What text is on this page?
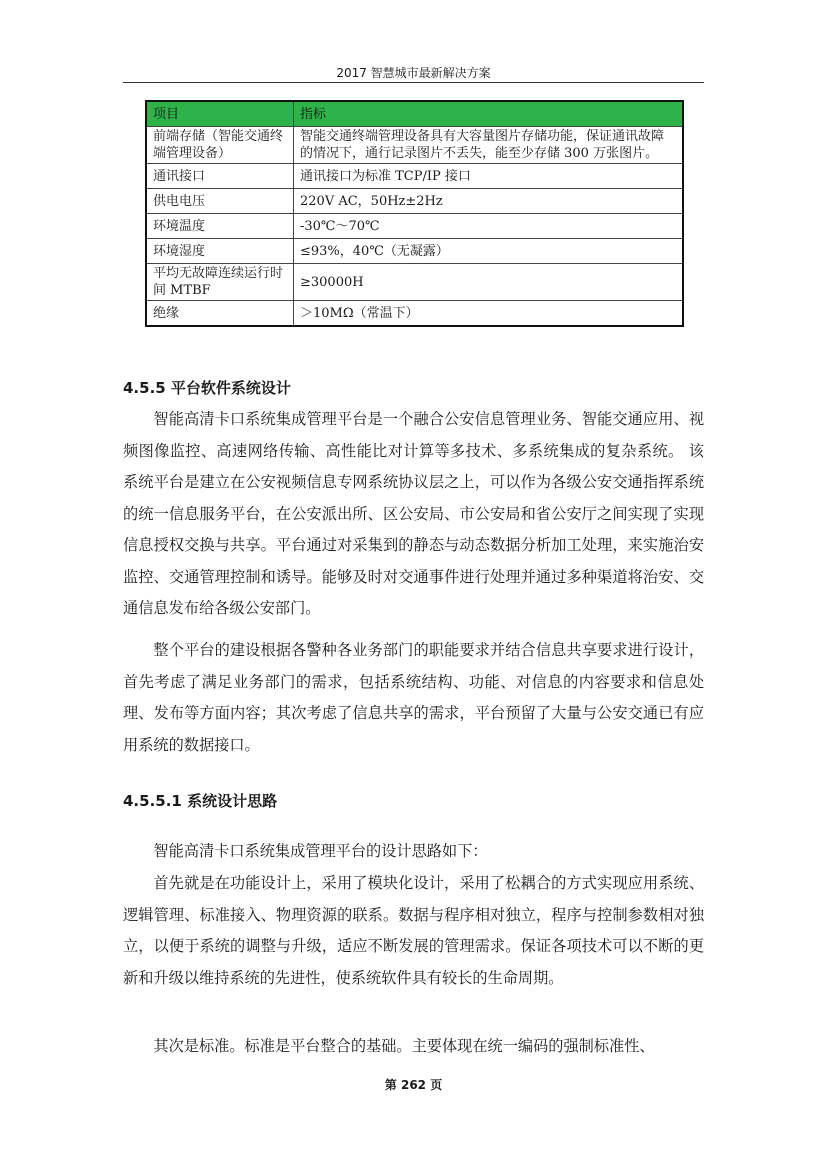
2017 智慧城市最新解决方案
项目	指标
前端存储（智能交通终端管理设备）	智能交通终端管理设备具有大容量图片存储功能，保证通讯故障的情况下，通行记录图片不丢失，能至少存储 300 万张图片。
通讯接口	通讯接口为标准 TCP/IP 接口
供电电压	220V AC，50Hz±2Hz
环境温度	-30℃～70℃
环境湿度	≤93%，40℃（无凝露）
平均无故障连续运行时间 MTBF	≥30000H
绝缘	＞10MΩ（常温下）
4.5.5 平台软件系统设计

智能高清卡口系统集成管理平台是一个融合公安信息管理业务、智能交通应用、视频图像监控、高速网络传输、高性能比对计算等多技术、多系统集成的复杂系统。 该系统平台是建立在公安视频信息专网系统协议层之上，可以作为各级公安交通指挥系统的统一信息服务平台，在公安派出所、区公安局、市公安局和省公安厅之间实现了实现信息授权交换与共享。平台通过对采集到的静态与动态数据分析加工处理，来实施治安监控、交通管理控制和诱导。能够及时对交通事件进行处理并通过多种渠道将治安、交通信息发布给各级公安部门。

整个平台的建设根据各警种各业务部门的职能要求并结合信息共享要求进行设计，首先考虑了满足业务部门的需求，包括系统结构、功能、对信息的内容要求和信息处理、发布等方面内容；其次考虑了信息共享的需求，平台预留了大量与公安交通已有应用系统的数据接口。

4.5.5.1 系统设计思路

智能高清卡口系统集成管理平台的设计思路如下：

首先就是在功能设计上，采用了模块化设计，采用了松耦合的方式实现应用系统、逻辑管理、标准接入、物理资源的联系。数据与程序相对独立，程序与控制参数相对独立，以便于系统的调整与升级，适应不断发展的管理需求。保证各项技术可以不断的更新和升级以维持系统的先进性，使系统软件具有较长的生命周期。

其次是标准。标准是平台整合的基础。主要体现在统一编码的强制标准性、

第 262 页
